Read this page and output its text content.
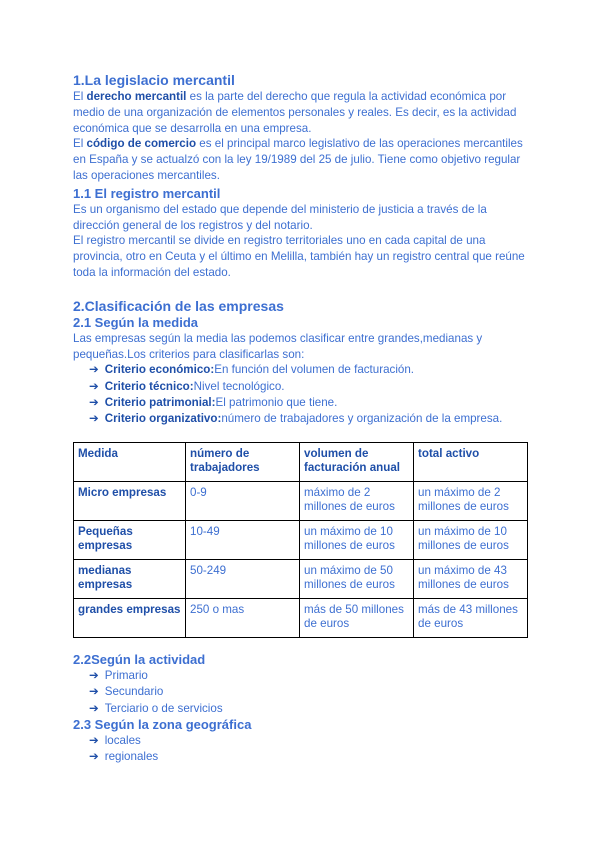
1.La legislacio mercantil

El derecho mercantil es la parte del derecho que regula la actividad económica por medio de una organización de elementos personales y reales. Es decir, es la actividad económica que se desarrolla en una empresa.

El código de comercio es el principal marco legislativo de las operaciones mercantiles en España y se actualzó con la ley 19/1989 del 25 de julio. Tiene como objetivo regular las operaciones mercantiles.

1.1 El registro mercantil

Es un organismo del estado que depende del ministerio de justicia a través de la dirección general de los registros y del notario.

El registro mercantil se divide en registro territoriales uno en cada capital de una provincia, otro en Ceuta y el último en Melilla, también hay un registro central que reúne toda la información del estado.

2.Clasificación de las empresas
2.1 Según la medida

Las empresas según la media las podemos clasificar entre grandes,medianas y pequeñas.Los criterios para clasificarlas son:

➔ Criterio económico:En función del volumen de facturación.
➔ Criterio técnico:Nivel tecnológico.
➔ Criterio patrimonial:El patrimonio que tiene.
➔ Criterio organizativo:número de trabajadores y organización de la empresa.
Medida	número de trabajadores	volumen de facturación anual	total activo
Micro empresas	0-9	máximo de 2 millones de euros	un máximo de 2 millones de euros
Pequeñas empresas	10-49	un máximo de 10 millones de euros	un máximo de 10 millones de euros
medianas empresas	50-249	un máximo de 50 millones de euros	un máximo de 43 millones de euros
grandes empresas	250 o mas	más de 50 millones de euros	más de 43 millones de euros
2.2Según la actividad
➔ Primario
➔ Secundario
➔ Terciario o de servicios
2.3 Según la zona geográfica
➔ locales
➔ regionales
